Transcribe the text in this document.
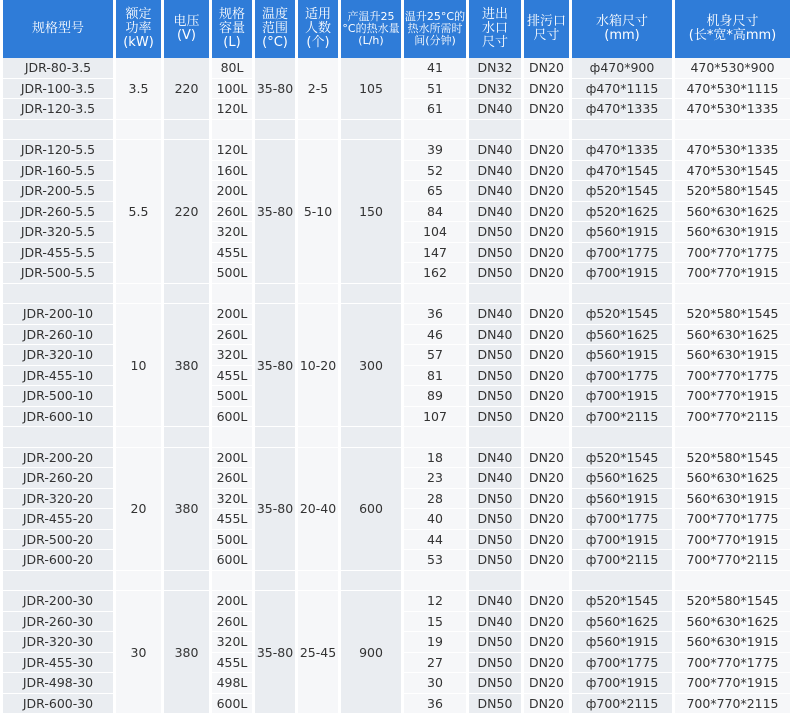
规格型号	额定
功率
(kW)	电压
(V)	规格
容量
(L)	温度
范围
(°C)	适用
人数
(个)	产温升25
°C的热水量
(L/h)	温升25°C的
热水所需时
间(分钟)	进出
水口
尺寸	排污口
尺寸	水箱尺寸
(mm)	机身尺寸
(长*宽*高mm)
JDR-80-3.5	3.5	220	80L	35-80	2-5	105	41	DN32	DN20	ф470*900	470*530*900
JDR-100-3.5			100L				51	DN32	DN20	ф470*1115	470*530*1115
JDR-120-3.5			120L				61	DN40	DN20	ф470*1335	470*530*1335

JDR-120-5.5	5.5	220	120L	35-80	5-10	150	39	DN40	DN20	ф470*1335	470*530*1335
JDR-160-5.5			160L				52	DN40	DN20	ф470*1545	470*530*1545
JDR-200-5.5			200L				65	DN40	DN20	ф520*1545	520*580*1545
JDR-260-5.5			260L				84	DN40	DN20	ф520*1625	560*630*1625
JDR-320-5.5			320L				104	DN50	DN20	ф560*1915	560*630*1915
JDR-455-5.5			455L				147	DN50	DN20	ф700*1775	700*770*1775
JDR-500-5.5			500L				162	DN50	DN20	ф700*1915	700*770*1915

JDR-200-10	10	380	200L	35-80	10-20	300	36	DN40	DN20	ф520*1545	520*580*1545
JDR-260-10			260L				46	DN40	DN20	ф560*1625	560*630*1625
JDR-320-10			320L				57	DN50	DN20	ф560*1915	560*630*1915
JDR-455-10			455L				81	DN50	DN20	ф700*1775	700*770*1775
JDR-500-10			500L				89	DN50	DN20	ф700*1915	700*770*1915
JDR-600-10			600L				107	DN50	DN20	ф700*2115	700*770*2115

JDR-200-20	20	380	200L	35-80	20-40	600	18	DN40	DN20	ф520*1545	520*580*1545
JDR-260-20			260L				23	DN40	DN20	ф560*1625	560*630*1625
JDR-320-20			320L				28	DN50	DN20	ф560*1915	560*630*1915
JDR-455-20			455L				40	DN50	DN20	ф700*1775	700*770*1775
JDR-500-20			500L				44	DN50	DN20	ф700*1915	700*770*1915
JDR-600-20			600L				53	DN50	DN20	ф700*2115	700*770*2115

JDR-200-30	30	380	200L	35-80	25-45	900	12	DN40	DN20	ф520*1545	520*580*1545
JDR-260-30			260L				15	DN40	DN20	ф560*1625	560*630*1625
JDR-320-30			320L				19	DN50	DN20	ф560*1915	560*630*1915
JDR-455-30			455L				27	DN50	DN20	ф700*1775	700*770*1775
JDR-498-30			498L				30	DN50	DN20	ф700*1915	700*770*1915
JDR-600-30			600L				36	DN50	DN20	ф700*2115	700*770*2115
